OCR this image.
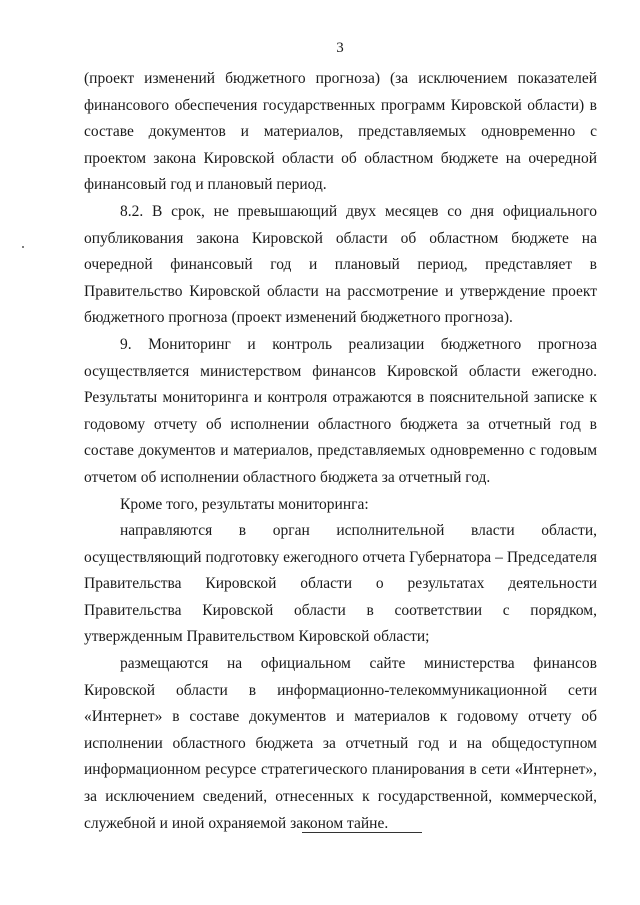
3

(проект изменений бюджетного прогноза) (за исключением показателей финансового обеспечения государственных программ Кировской области) в составе документов и материалов, представляемых одновременно с проектом закона Кировской области об областном бюджете на очередной финансовый год и плановый период.

8.2. В срок, не превышающий двух месяцев со дня официального опубликования закона Кировской области об областном бюджете на очередной финансовый год и плановый период, представляет в Правительство Кировской области на рассмотрение и утверждение проект бюджетного прогноза (проект изменений бюджетного прогноза).

9. Мониторинг и контроль реализации бюджетного прогноза осуществляется министерством финансов Кировской области ежегодно. Результаты мониторинга и контроля отражаются в пояснительной записке к годовому отчету об исполнении областного бюджета за отчетный год в составе документов и материалов, представляемых одновременно с годовым отчетом об исполнении областного бюджета за отчетный год.

Кроме того, результаты мониторинга:

направляются в орган исполнительной власти области, осуществляющий подготовку ежегодного отчета Губернатора – Председателя Правительства Кировской области о результатах деятельности Правительства Кировской области в соответствии с порядком, утвержденным Правительством Кировской области;

размещаются на официальном сайте министерства финансов Кировской области в информационно-телекоммуникационной сети «Интернет» в составе документов и материалов к годовому отчету об исполнении областного бюджета за отчетный год и на общедоступном информационном ресурсе стратегического планирования в сети «Интернет», за исключением сведений, отнесенных к государственной, коммерческой, служебной и иной охраняемой законом тайне.
